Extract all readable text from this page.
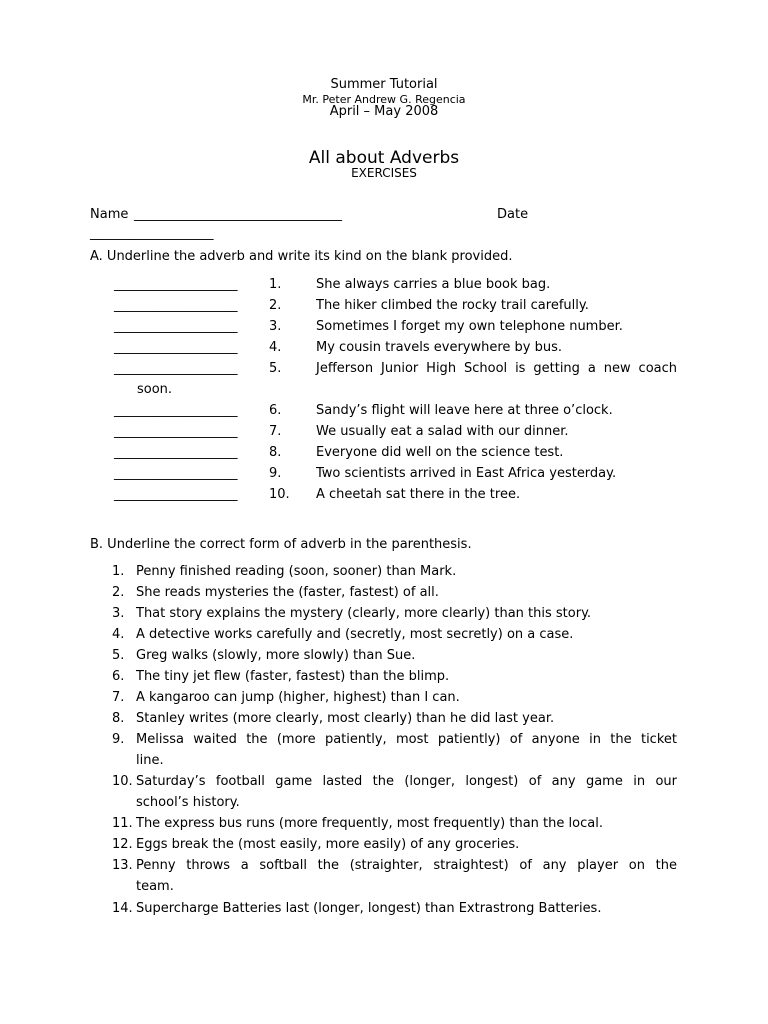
Summer Tutorial
Mr. Peter Andrew G. Regencia
April – May 2008
All about Adverbs
EXERCISES
Name ________________________________	Date
___________________
A. Underline the adverb and write its kind on the blank provided.
___________________ 1.	She always carries a blue book bag.
___________________ 2.	The hiker climbed the rocky trail carefully.
___________________ 3.	Sometimes I forget my own telephone number.
___________________ 4.	My cousin travels everywhere by bus.
___________________ 5.	Jefferson Junior High School is getting a new coach
soon.
___________________ 6.	Sandy’s flight will leave here at three o’clock.
___________________ 7.	We usually eat a salad with our dinner.
___________________ 8.	Everyone did well on the science test.
___________________ 9.	Two scientists arrived in East Africa yesterday.
___________________ 10. A cheetah sat there in the tree.
B. Underline the correct form of adverb in the parenthesis.
1. Penny finished reading (soon, sooner) than Mark.
2. She reads mysteries the (faster, fastest) of all.
3. That story explains the mystery (clearly, more clearly) than this story.
4. A detective works carefully and (secretly, most secretly) on a case.
5. Greg walks (slowly, more slowly) than Sue.
6. The tiny jet flew (faster, fastest) than the blimp.
7. A kangaroo can jump (higher, highest) than I can.
8. Stanley writes (more clearly, most clearly) than he did last year.
9. Melissa waited the (more patiently, most patiently) of anyone in the ticket
line.
10. Saturday’s football game lasted the (longer, longest) of any game in our
school’s history.
11. The express bus runs (more frequently, most frequently) than the local.
12. Eggs break the (most easily, more easily) of any groceries.
13. Penny throws a softball the (straighter, straightest) of any player on the
team.
14. Supercharge Batteries last (longer, longest) than Extrastrong Batteries.
